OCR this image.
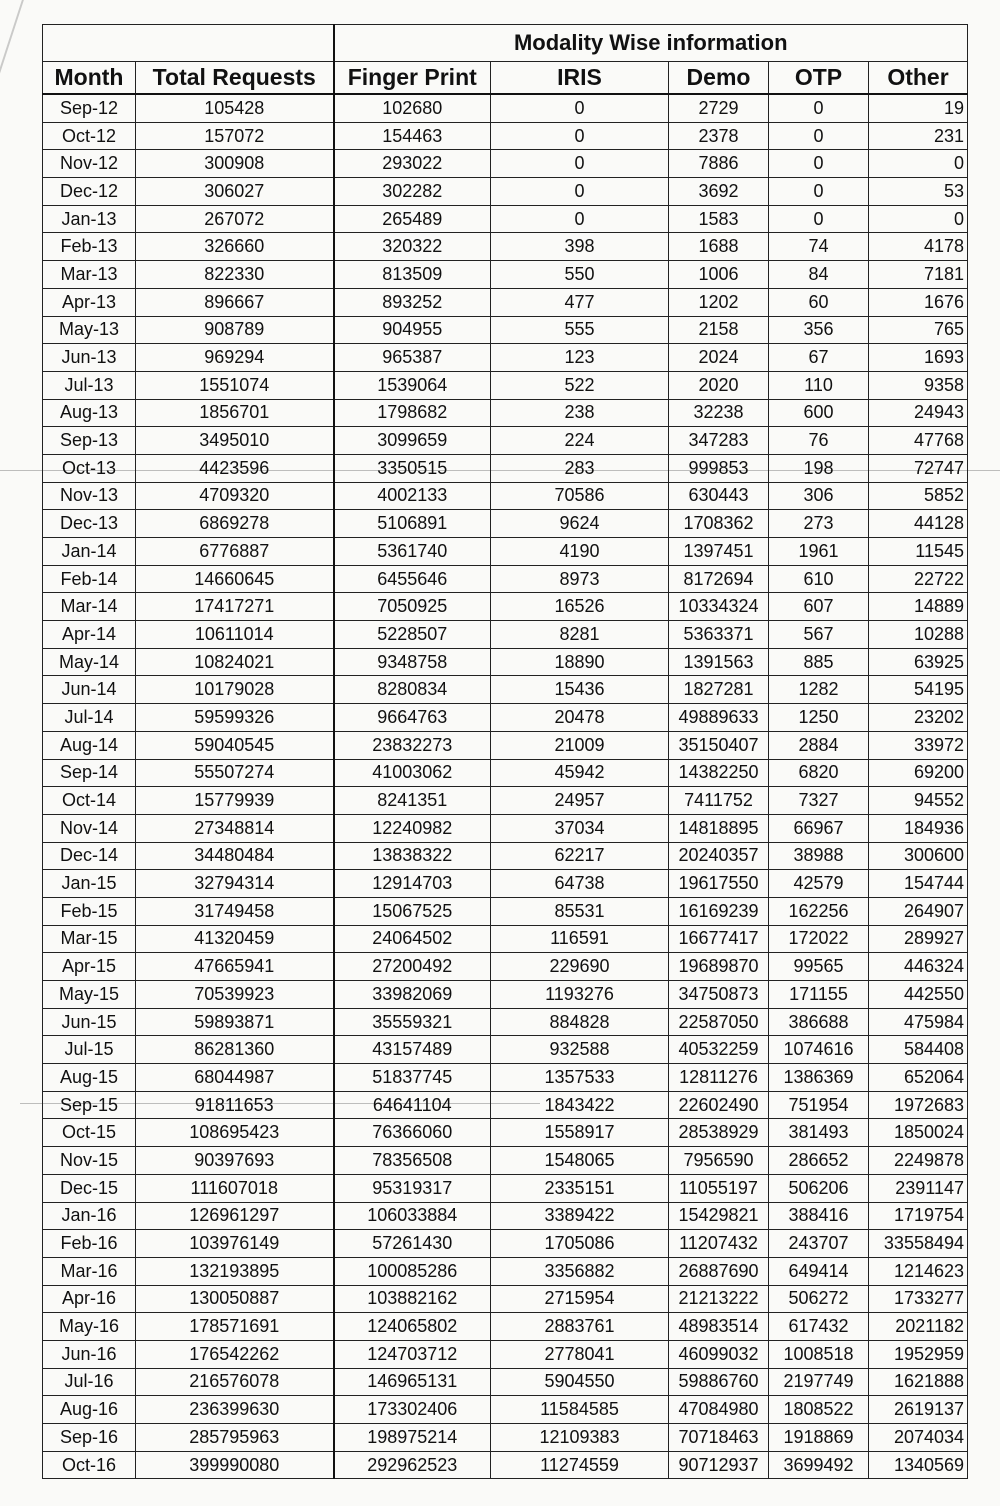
		Modality Wise information				
Month	Total Requests	Finger Print	IRIS	Demo	OTP	Other
Sep-12	105428	102680	0	2729	0	19
Oct-12	157072	154463	0	2378	0	231
Nov-12	300908	293022	0	7886	0	0
Dec-12	306027	302282	0	3692	0	53
Jan-13	267072	265489	0	1583	0	0
Feb-13	326660	320322	398	1688	74	4178
Mar-13	822330	813509	550	1006	84	7181
Apr-13	896667	893252	477	1202	60	1676
May-13	908789	904955	555	2158	356	765
Jun-13	969294	965387	123	2024	67	1693
Jul-13	1551074	1539064	522	2020	110	9358
Aug-13	1856701	1798682	238	32238	600	24943
Sep-13	3495010	3099659	224	347283	76	47768
Oct-13	4423596	3350515	283	999853	198	72747
Nov-13	4709320	4002133	70586	630443	306	5852
Dec-13	6869278	5106891	9624	1708362	273	44128
Jan-14	6776887	5361740	4190	1397451	1961	11545
Feb-14	14660645	6455646	8973	8172694	610	22722
Mar-14	17417271	7050925	16526	10334324	607	14889
Apr-14	10611014	5228507	8281	5363371	567	10288
May-14	10824021	9348758	18890	1391563	885	63925
Jun-14	10179028	8280834	15436	1827281	1282	54195
Jul-14	59599326	9664763	20478	49889633	1250	23202
Aug-14	59040545	23832273	21009	35150407	2884	33972
Sep-14	55507274	41003062	45942	14382250	6820	69200
Oct-14	15779939	8241351	24957	7411752	7327	94552
Nov-14	27348814	12240982	37034	14818895	66967	184936
Dec-14	34480484	13838322	62217	20240357	38988	300600
Jan-15	32794314	12914703	64738	19617550	42579	154744
Feb-15	31749458	15067525	85531	16169239	162256	264907
Mar-15	41320459	24064502	116591	16677417	172022	289927
Apr-15	47665941	27200492	229690	19689870	99565	446324
May-15	70539923	33982069	1193276	34750873	171155	442550
Jun-15	59893871	35559321	884828	22587050	386688	475984
Jul-15	86281360	43157489	932588	40532259	1074616	584408
Aug-15	68044987	51837745	1357533	12811276	1386369	652064
Sep-15	91811653	64641104	1843422	22602490	751954	1972683
Oct-15	108695423	76366060	1558917	28538929	381493	1850024
Nov-15	90397693	78356508	1548065	7956590	286652	2249878
Dec-15	111607018	95319317	2335151	11055197	506206	2391147
Jan-16	126961297	106033884	3389422	15429821	388416	1719754
Feb-16	103976149	57261430	1705086	11207432	243707	33558494
Mar-16	132193895	100085286	3356882	26887690	649414	1214623
Apr-16	130050887	103882162	2715954	21213222	506272	1733277
May-16	178571691	124065802	2883761	48983514	617432	2021182
Jun-16	176542262	124703712	2778041	46099032	1008518	1952959
Jul-16	216576078	146965131	5904550	59886760	2197749	1621888
Aug-16	236399630	173302406	11584585	47084980	1808522	2619137
Sep-16	285795963	198975214	12109383	70718463	1918869	2074034
Oct-16	399990080	292962523	11274559	90712937	3699492	1340569
